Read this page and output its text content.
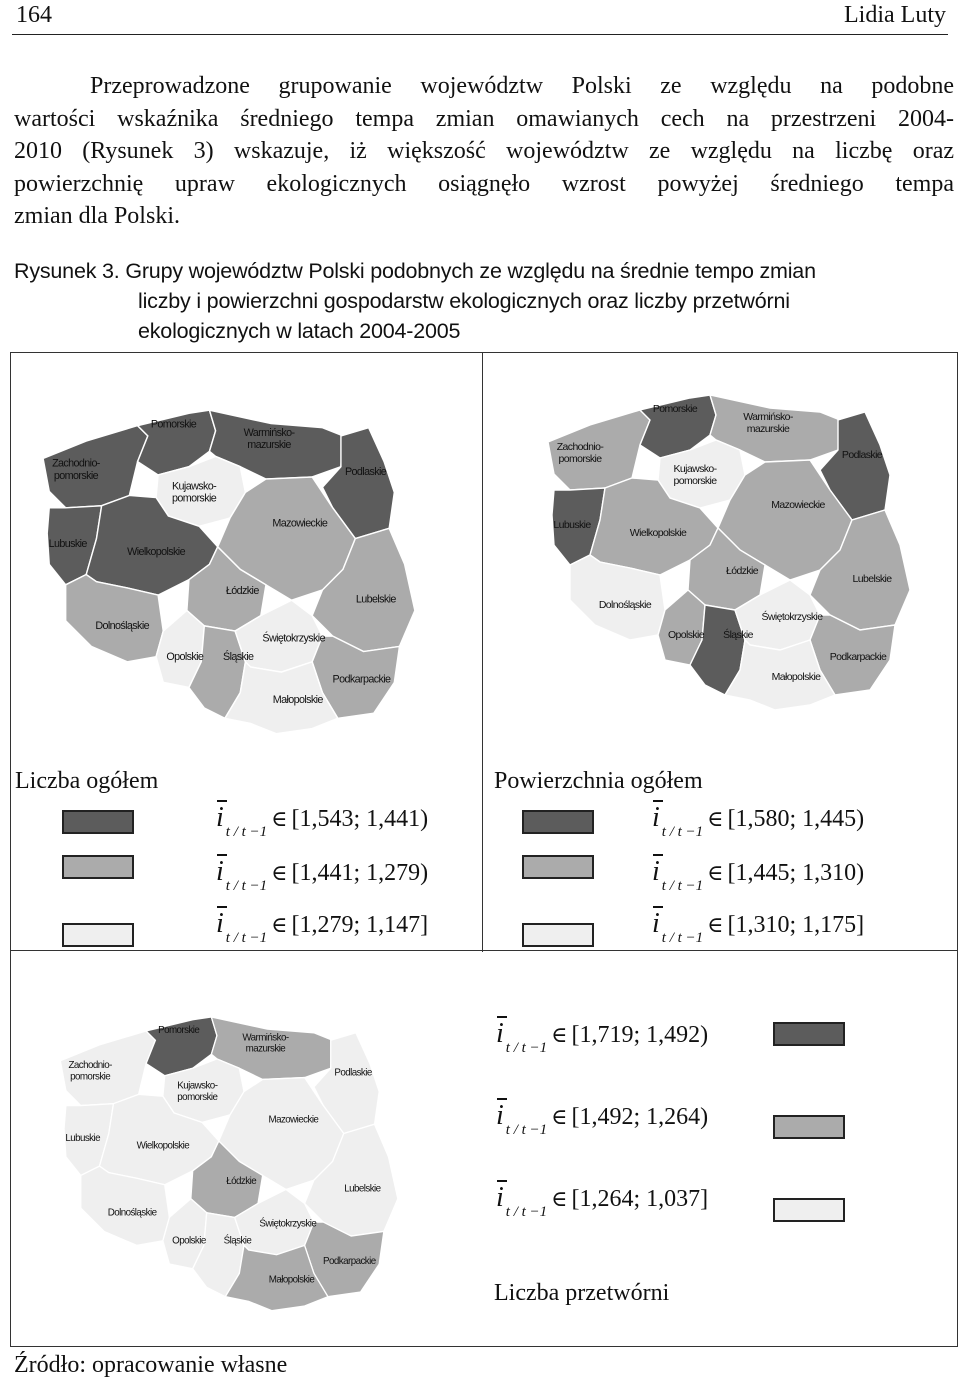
164	Lidia Luty
Przeprowadzone grupowanie województw Polski ze względu na podobne
wartości wskaźnika średniego tempa zmian omawianych cech na przestrzeni 2004-
2010 (Rysunek 3) wskazuje, iż większość województw ze względu na liczbę oraz
powierzchnię upraw ekologicznych osiągnęło wzrost powyżej średniego tempa
zmian dla Polski.
Rysunek 3. Grupy województw Polski podobnych ze względu na średnie tempo zmian
liczby i powierzchni gospodarstw ekologicznych oraz liczby przetwórni
ekologicznych w latach 2004-2005
Zachodnio-
pomorskie
Pomorskie
Warmińsko-
mazurskie
Podlaskie
Kujawsko-
pomorskie
Lubuskie
Wielkopolskie
Mazowieckie
Łódzkie
Lubelskie
Dolnośląskie
Opolskie Śląskie
Świętokrzyskie
Podkarpackie
Małopolskie
Zachodnio-
pomorskie
Pomorskie
Warmińsko-
mazurskie
Podlaskie
Kujawsko-
pomorskie
Lubuskie
Wielkopolskie
Mazowieckie
Łódzkie
Lubelskie
Dolnośląskie
Opolskie Śląskie
Świętokrzyskie
Podkarpackie
Małopolskie
Zachodnio-
pomorskie
Pomorskie
Warmińsko-
mazurskie
Podlaskie
Kujawsko-
pomorskie
Lubuskie
Wielkopolskie
Mazowieckie
Łódzkie
Lubelskie
Dolnośląskie
Opolskie Śląskie
Świętokrzyskie
Podkarpackie
Małopolskie
Liczba ogółem
it / t −1∈ [1,543; 1,441)
it / t −1∈ [1,441; 1,279)
it / t −1∈ [1,279; 1,147]
Powierzchnia ogółem
it / t −1∈ [1,580; 1,445)
it / t −1∈ [1,445; 1,310)
it / t −1∈ [1,310; 1,175]
it / t −1∈ [1,719; 1,492)
it / t −1∈ [1,492; 1,264)
it / t −1∈ [1,264; 1,037]
Liczba przetwórni
Źródło: opracowanie własne
